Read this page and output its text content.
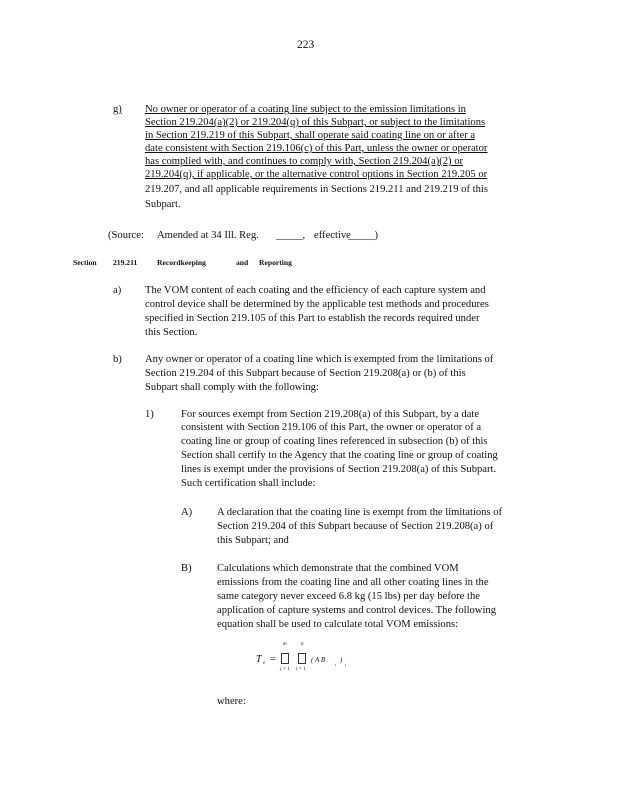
223
g) No owner or operator of a coating line subject to the emission limitations in
Section 219.204(a)(2) or 219.204(q) of this Subpart, or subject to the limitations
in Section 219.219 of this Subpart, shall operate said coating line on or after a
date consistent with Section 219.106(c) of this Part, unless the owner or operator
has complied with, and continues to comply with, Section 219.204(a)(2) or
219.204(q), if applicable, or the alternative control options in Section 219.205 or
219.207, and all applicable requirements in Sections 219.211 and 219.219 of this
Subpart.
(Source: Amended at 34 Ill. Reg. _____, effective
_____)
Section 219.211	Recordkeeping	and Reporting
a) The VOM content of each coating and the efficiency of each capture system and
control device shall be determined by the applicable test methods and procedures
specified in Section 219.105 of this Part to establish the records required under
this Section.
b) Any owner or operator of a coating line which is exempted from the limitations of
Section 219.204 of this Subpart because of Section 219.208(a) or (b) of this
Subpart shall comply with the following:
1)	For sources exempt from Section 219.208(a) of this Subpart, by a date
consistent with Section 219.106 of this Part, the owner or operator of a
coating line or group of coating lines referenced in subsection (b) of this
Section shall certify to the Agency that the coating line or group of coating
lines is exempt under the provisions of Section 219.208(a) of this Subpart.
Such certification shall include:
A) A declaration that the coating line is exempt from the limitations of
Section 219.204 of this Subpart because of Section 219.208(a) of
this Subpart; and
B) Calculations which demonstrate that the combined VOM
emissions from the coating line and all other coating lines in the
same category never exceed 6.8 kg (15 lbs) per day before the
application of capture systems and control devices. The following
equation shall be used to calculate total VOM emissions:
T e =
m
j = 1
n
i = 1
( A B
i
)
j
where:
